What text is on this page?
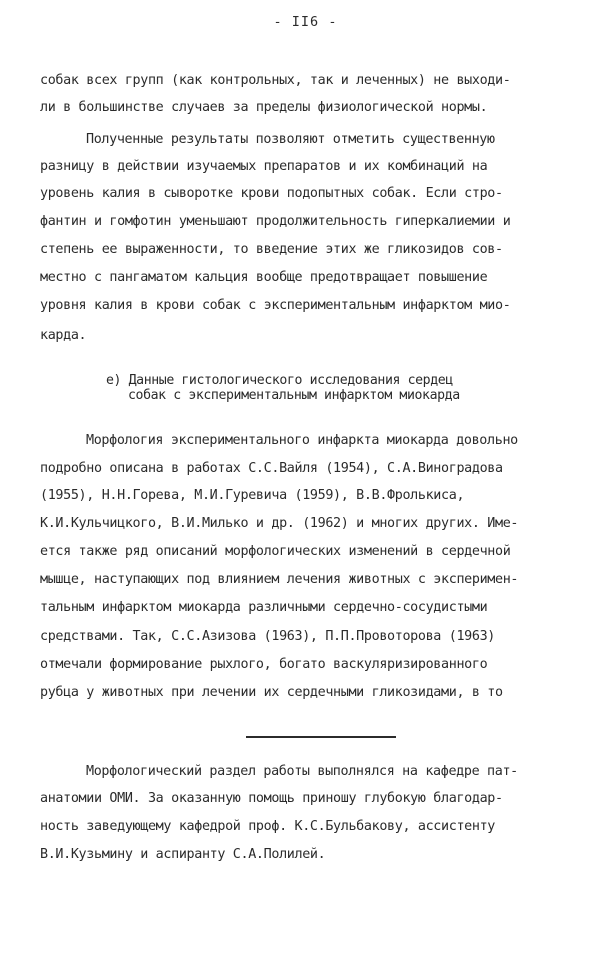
- II6 -
собак всех групп (как контрольных, так и леченных) не выходи-
ли в большинстве случаев за пределы физиологической нормы.
Полученные результаты позволяют отметить существенную
разницу в действии изучаемых препаратов и их комбинаций на
уровень калия в сыворотке крови подопытных собак. Если стро-
фантин и гомфотин уменьшают продолжительность гиперкалиемии и
степень ее выраженности, то введение этих же гликозидов сов-
местно с пангаматом кальция вообще предотвращает повышение
уровня калия в крови собак с экспериментальным инфарктом мио-
карда.
е) Данные гистологического исследования сердец
собак с экспериментальным инфарктом миокарда
Морфология экспериментального инфаркта миокарда довольно
подробно описана в работах С.С.Вайля (1954), С.А.Виноградова
(1955), Н.Н.Горева, М.И.Гуревича (1959), В.В.Фролькиса,
К.И.Кульчицкого, В.И.Милько и др. (1962) и многих других. Име-
ется также ряд описаний морфологических изменений в сердечной
мышце, наступающих под влиянием лечения животных с эксперимен-
тальным инфарктом миокарда различными сердечно-сосудистыми
средствами. Так, С.С.Азизова (1963), П.П.Провоторова (1963)
отмечали формирование рыхлого, богато васкуляризированного
рубца у животных при лечении их сердечными гликозидами, в то
Морфологический раздел работы выполнялся на кафедре пат-
анатомии ОМИ. За оказанную помощь приношу глубокую благодар-
ность заведующему кафедрой проф. К.С.Бульбакову, ассистенту
В.И.Кузьмину и аспиранту С.А.Полилей.
